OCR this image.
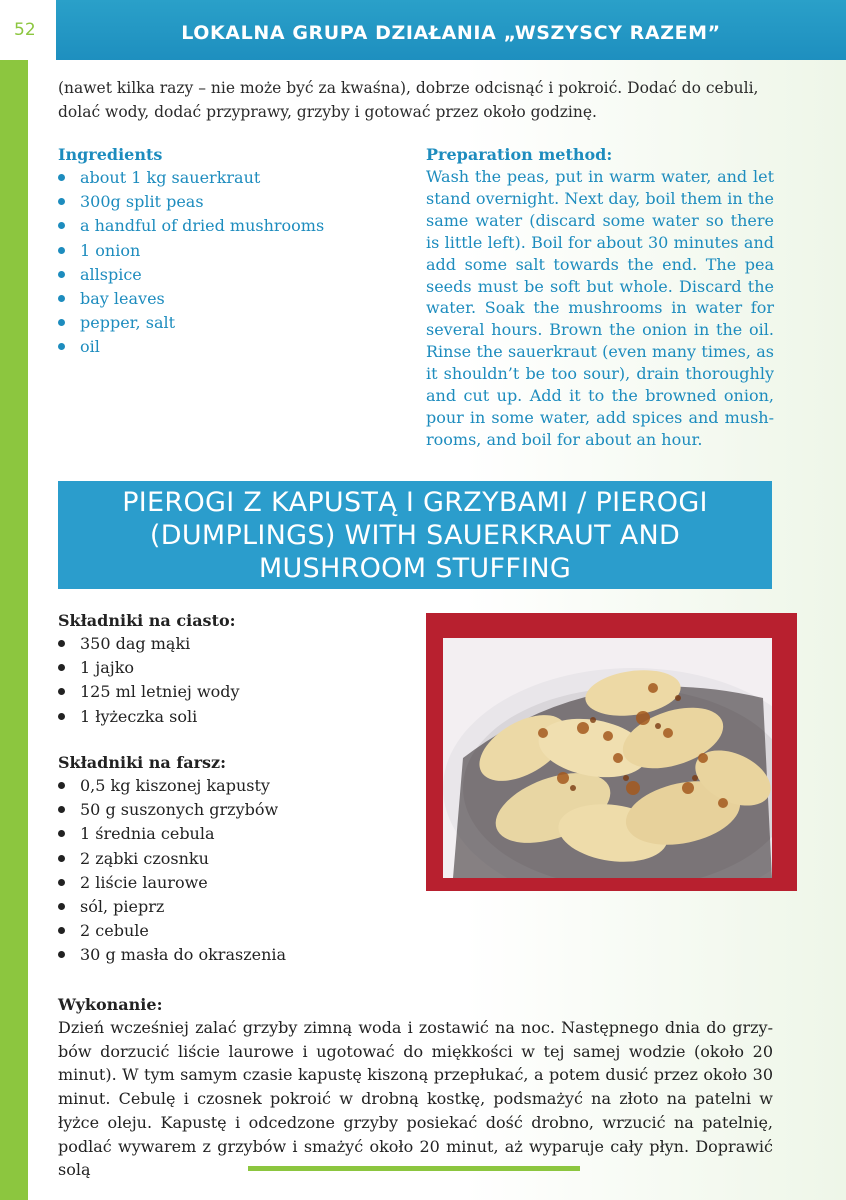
52	LOKALNA GRUPA DZIAŁANIA „WSZYSCY RAZEM”

(nawet kilka razy – nie może być za kwaśna), dobrze odcisnąć i pokroić. Dodać do cebuli, dolać wody, dodać przyprawy, grzyby i gotować przez około godzinę.

Ingredients
about 1 kg sauerkraut
300g split peas
a handful of dried mushrooms
1 onion
allspice
bay leaves
pepper, salt
oil
Preparation method:

Wash the peas, put in warm water, and let stand overnight. Next day, boil them in the same water (discard some water so there is little left). Boil for about 30 minutes and add some salt towards the end. The pea seeds must be soft but whole. Discard the water. Soak the mushrooms in water for several hours. Brown the onion in the oil. Rinse the sauerkraut (even many times, as it shouldn’t be too sour), drain thoroughly and cut up. Add it to the browned onion, pour in some water, add spices and mushrooms, and boil for about an hour.

PIEROGI Z KAPUSTĄ I GRZYBAMI / PIEROGI (DUMPLINGS) WITH SAUERKRAUT AND MUSHROOM STUFFING
Składniki na ciasto:
350 dag mąki
1 jajko
125 ml letniej wody
1 łyżeczka soli
Składniki na farsz:
0,5 kg kiszonej kapusty
50 g suszonych grzybów
1 średnia cebula
2 ząbki czosnku
2 liście laurowe
sól, pieprz
2 cebule
30 g masła do okraszenia
Wykonanie:

Dzień wcześniej zalać grzyby zimną woda i zostawić na noc. Następnego dnia do grzybów dorzucić liście laurowe i ugotować do miękkości w tej samej wodzie (około 20 minut). W tym samym czasie kapustę kiszoną przepłukać, a potem dusić przez około 30 minut. Cebulę i czosnek pokroić w drobną kostkę, podsmażyć na złoto na patelni w łyżce oleju. Kapustę i odcedzone grzyby posiekać dość drobno, wrzucić na patelnię, podlać wywarem z grzybów i smażyć około 20 minut, aż wyparuje cały płyn. Doprawić solą
